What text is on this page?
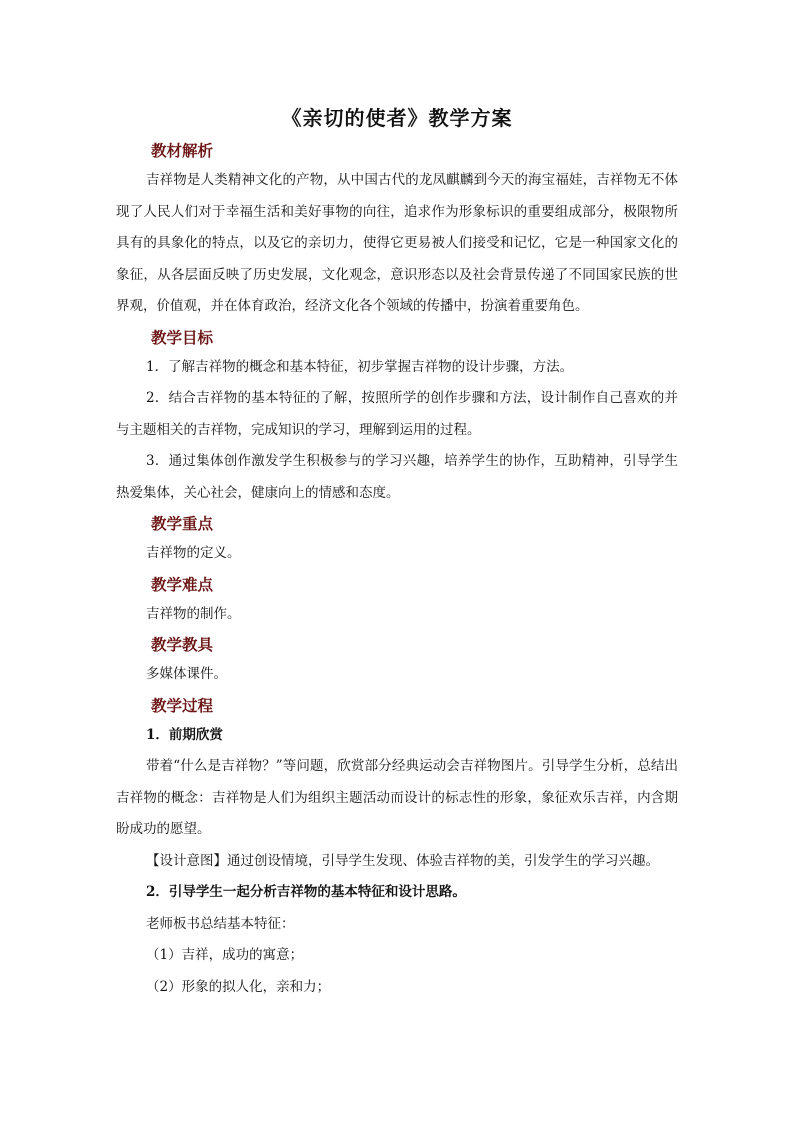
《亲切的使者》教学方案
教材解析

吉祥物是人类精神文化的产物，从中国古代的龙凤麒麟到今天的海宝福娃，吉祥物无不体现了人民人们对于幸福生活和美好事物的向往，追求作为形象标识的重要组成部分，极限物所具有的具象化的特点，以及它的亲切力，使得它更易被人们接受和记忆，它是一种国家文化的象征，从各层面反映了历史发展，文化观念，意识形态以及社会背景传递了不同国家民族的世界观，价值观，并在体育政治，经济文化各个领域的传播中，扮演着重要角色。

教学目标

1．了解吉祥物的概念和基本特征，初步掌握吉祥物的设计步骤，方法。

2．结合吉祥物的基本特征的了解，按照所学的创作步骤和方法，设计制作自己喜欢的并与主题相关的吉祥物，完成知识的学习，理解到运用的过程。

3．通过集体创作激发学生积极参与的学习兴趣，培养学生的协作，互助精神，引导学生热爱集体，关心社会，健康向上的情感和态度。

教学重点

吉祥物的定义。

教学难点

吉祥物的制作。

教学教具

多媒体课件。

教学过程

1．前期欣赏

带着“什么是吉祥物？”等问题，欣赏部分经典运动会吉祥物图片。引导学生分析，总结出吉祥物的概念：吉祥物是人们为组织主题活动而设计的标志性的形象，象征欢乐吉祥，内含期盼成功的愿望。

【设计意图】通过创设情境，引导学生发现、体验吉祥物的美，引发学生的学习兴趣。

2．引导学生一起分析吉祥物的基本特征和设计思路。

老师板书总结基本特征：

（1）吉祥，成功的寓意；

（2）形象的拟人化，亲和力；
